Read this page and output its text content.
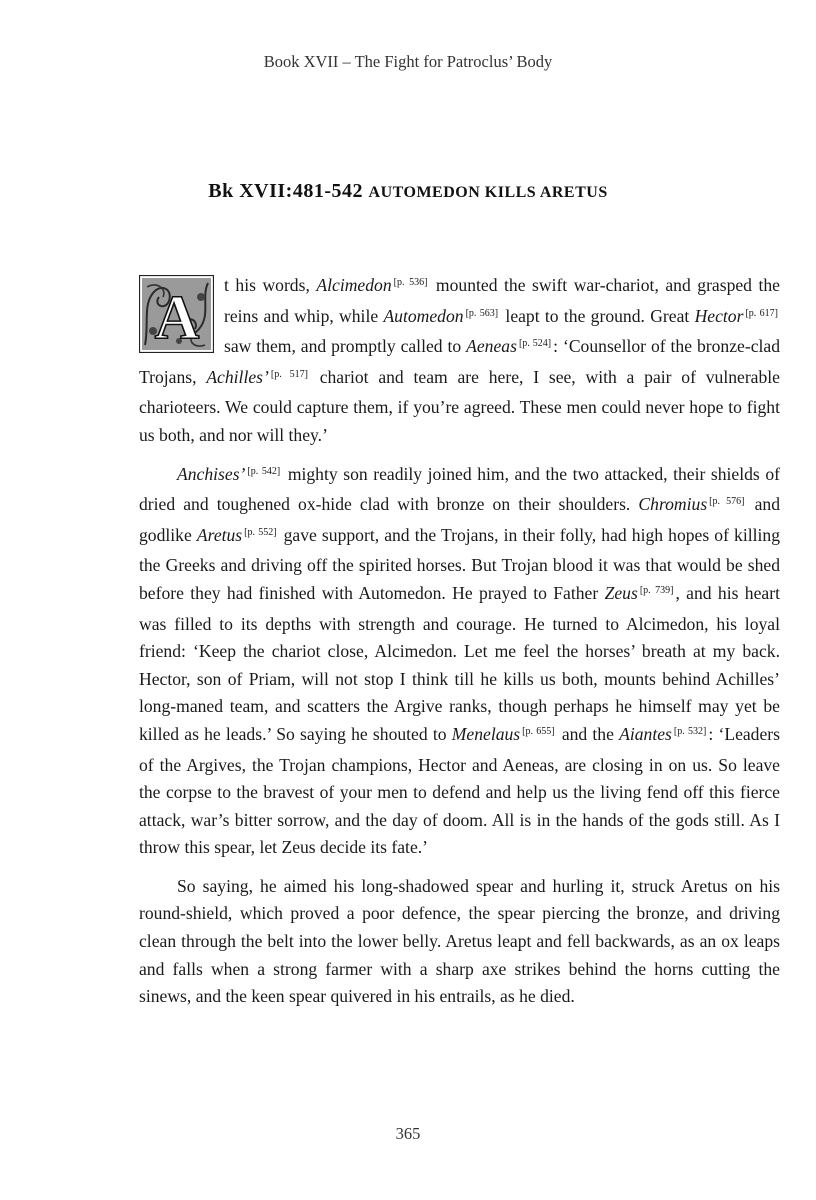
Book XVII – The Fight for Patroclus’ Body
Bk XVII:481-542 AUTOMEDON KILLS ARETUS

A t his words, Alcimedon [p. 536] mounted the swift war-chariot, and grasped the reins and whip, while Automedon [p. 563] leapt to the ground. Great Hector [p. 617] saw them, and promptly called to Aeneas [p. 524] : ‘Counsellor of the bronze-clad Trojans, Achilles’ [p. 517] chariot and team are here, I see, with a pair of vulnerable charioteers. We could capture them, if you’re agreed. These men could never hope to fight us both, and nor will they.’

Anchises’ [p. 542] mighty son readily joined him, and the two attacked, their shields of dried and toughened ox-hide clad with bronze on their shoulders. Chromius [p. 576] and godlike Aretus [p. 552] gave support, and the Trojans, in their folly, had high hopes of killing the Greeks and driving off the spirited horses. But Trojan blood it was that would be shed before they had finished with Automedon. He prayed to Father Zeus [p. 739] , and his heart was filled to its depths with strength and courage. He turned to Alcimedon, his loyal friend: ‘Keep the chariot close, Alcimedon. Let me feel the horses’ breath at my back. Hector, son of Priam, will not stop I think till he kills us both, mounts behind Achilles’ long-maned team, and scatters the Argive ranks, though perhaps he himself may yet be killed as he leads.’ So saying he shouted to Menelaus [p. 655] and the Aiantes [p. 532] : ‘Leaders of the Argives, the Trojan champions, Hector and Aeneas, are closing in on us. So leave the corpse to the bravest of your men to defend and help us the living fend off this fierce attack, war’s bitter sorrow, and the day of doom. All is in the hands of the gods still. As I throw this spear, let Zeus decide its fate.’

So saying, he aimed his long-shadowed spear and hurling it, struck Aretus on his round-shield, which proved a poor defence, the spear piercing the bronze, and driving clean through the belt into the lower belly. Aretus leapt and fell backwards, as an ox leaps and falls when a strong farmer with a sharp axe strikes behind the horns cutting the sinews, and the keen spear quivered in his entrails, as he died.

365
